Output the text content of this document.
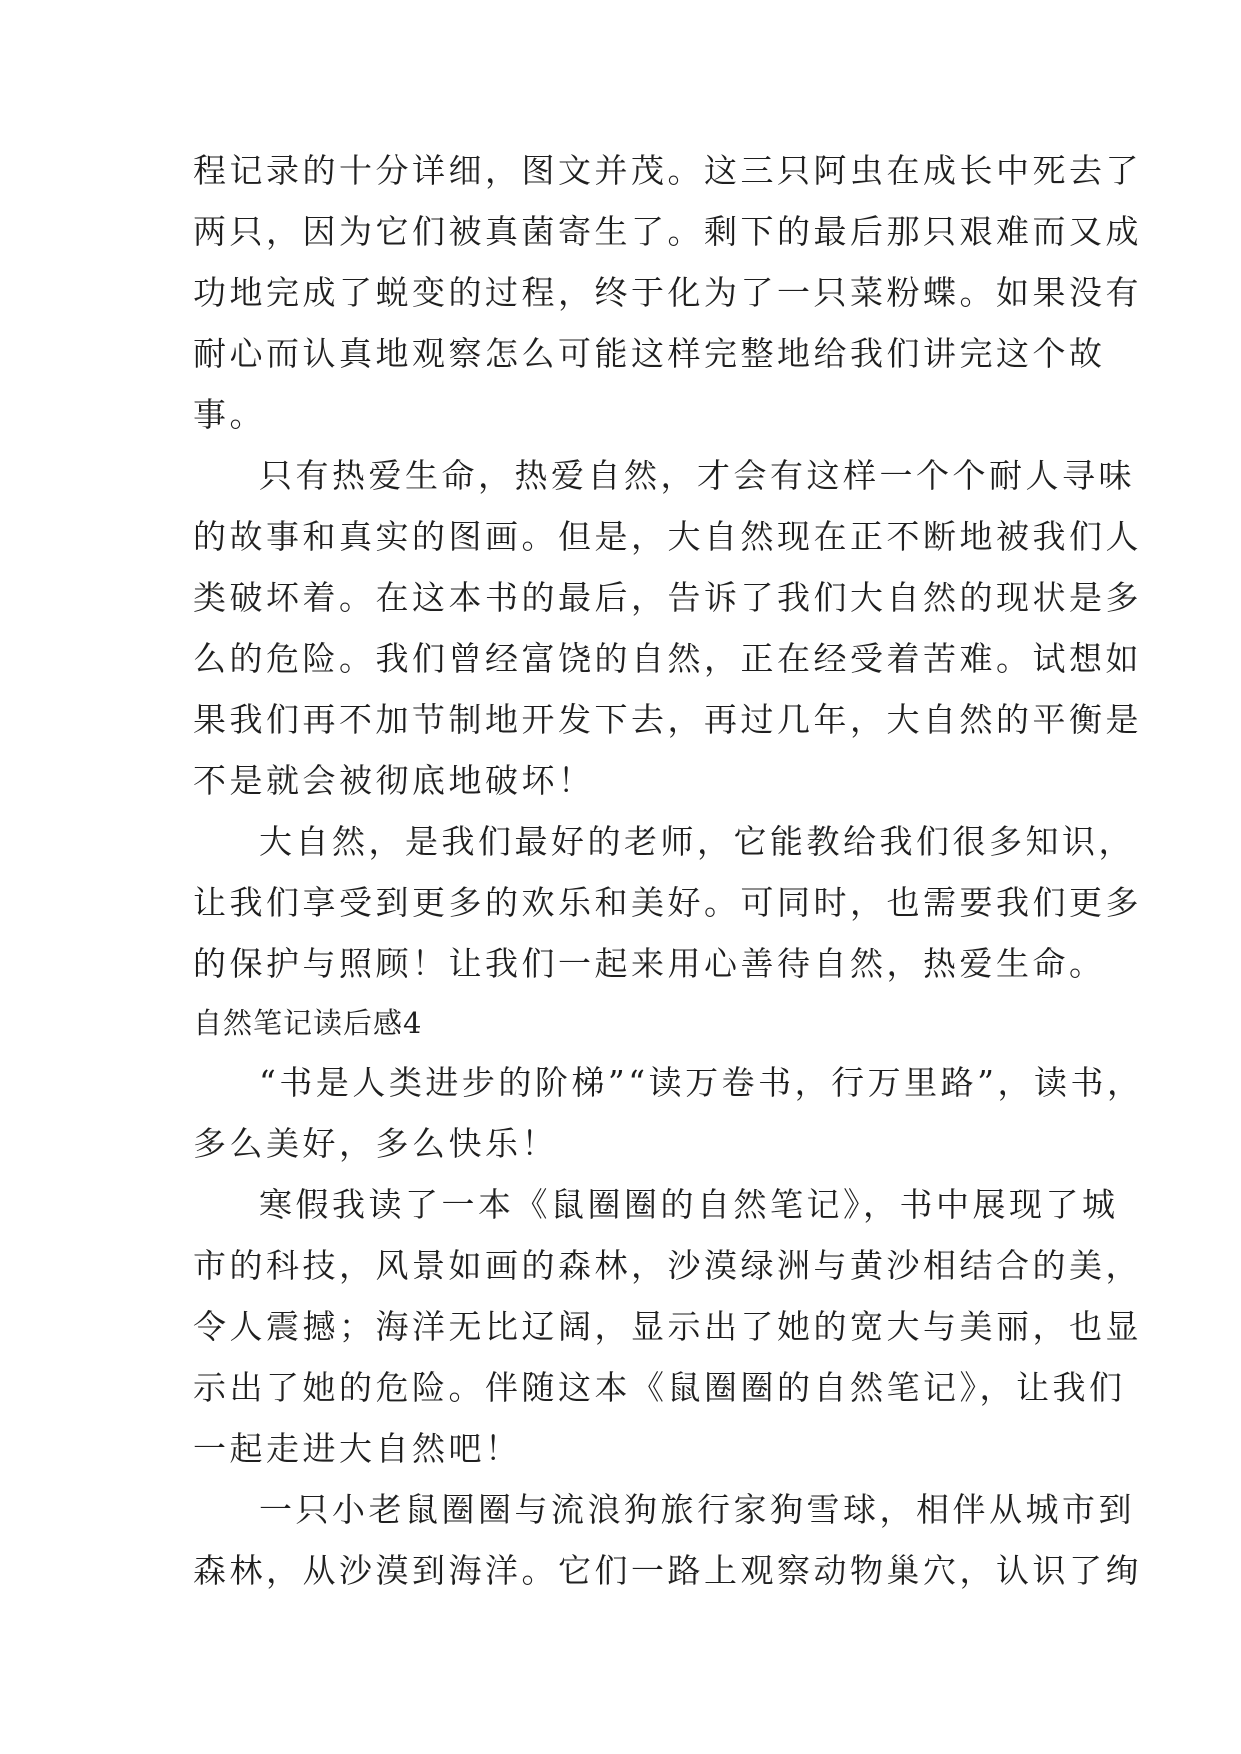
程记录的十分详细，图文并茂。这三只阿虫在成长中死去了
两只，因为它们被真菌寄生了。剩下的最后那只艰难而又成
功地完成了蜕变的过程，终于化为了一只菜粉蝶。如果没有
耐心而认真地观察怎么可能这样完整地给我们讲完这个故
事。
只有热爱生命，热爱自然，才会有这样一个个耐人寻味
的故事和真实的图画。但是，大自然现在正不断地被我们人
类破坏着。在这本书的最后，告诉了我们大自然的现状是多
么的危险。我们曾经富饶的自然，正在经受着苦难。试想如
果我们再不加节制地开发下去，再过几年，大自然的平衡是
不是就会被彻底地破坏！
大自然，是我们最好的老师，它能教给我们很多知识，
让我们享受到更多的欢乐和美好。可同时，也需要我们更多
的保护与照顾！让我们一起来用心善待自然，热爱生命。
自然笔记读后感4
“书是人类进步的阶梯”“读万卷书，行万里路”，读书，
多么美好，多么快乐！
寒假我读了一本《鼠圈圈的自然笔记》，书中展现了城
市的科技，风景如画的森林，沙漠绿洲与黄沙相结合的美，
令人震撼；海洋无比辽阔，显示出了她的宽大与美丽，也显
示出了她的危险。伴随这本《鼠圈圈的自然笔记》，让我们
一起走进大自然吧！
一只小老鼠圈圈与流浪狗旅行家狗雪球，相伴从城市到
森林，从沙漠到海洋。它们一路上观察动物巢穴，认识了绚
